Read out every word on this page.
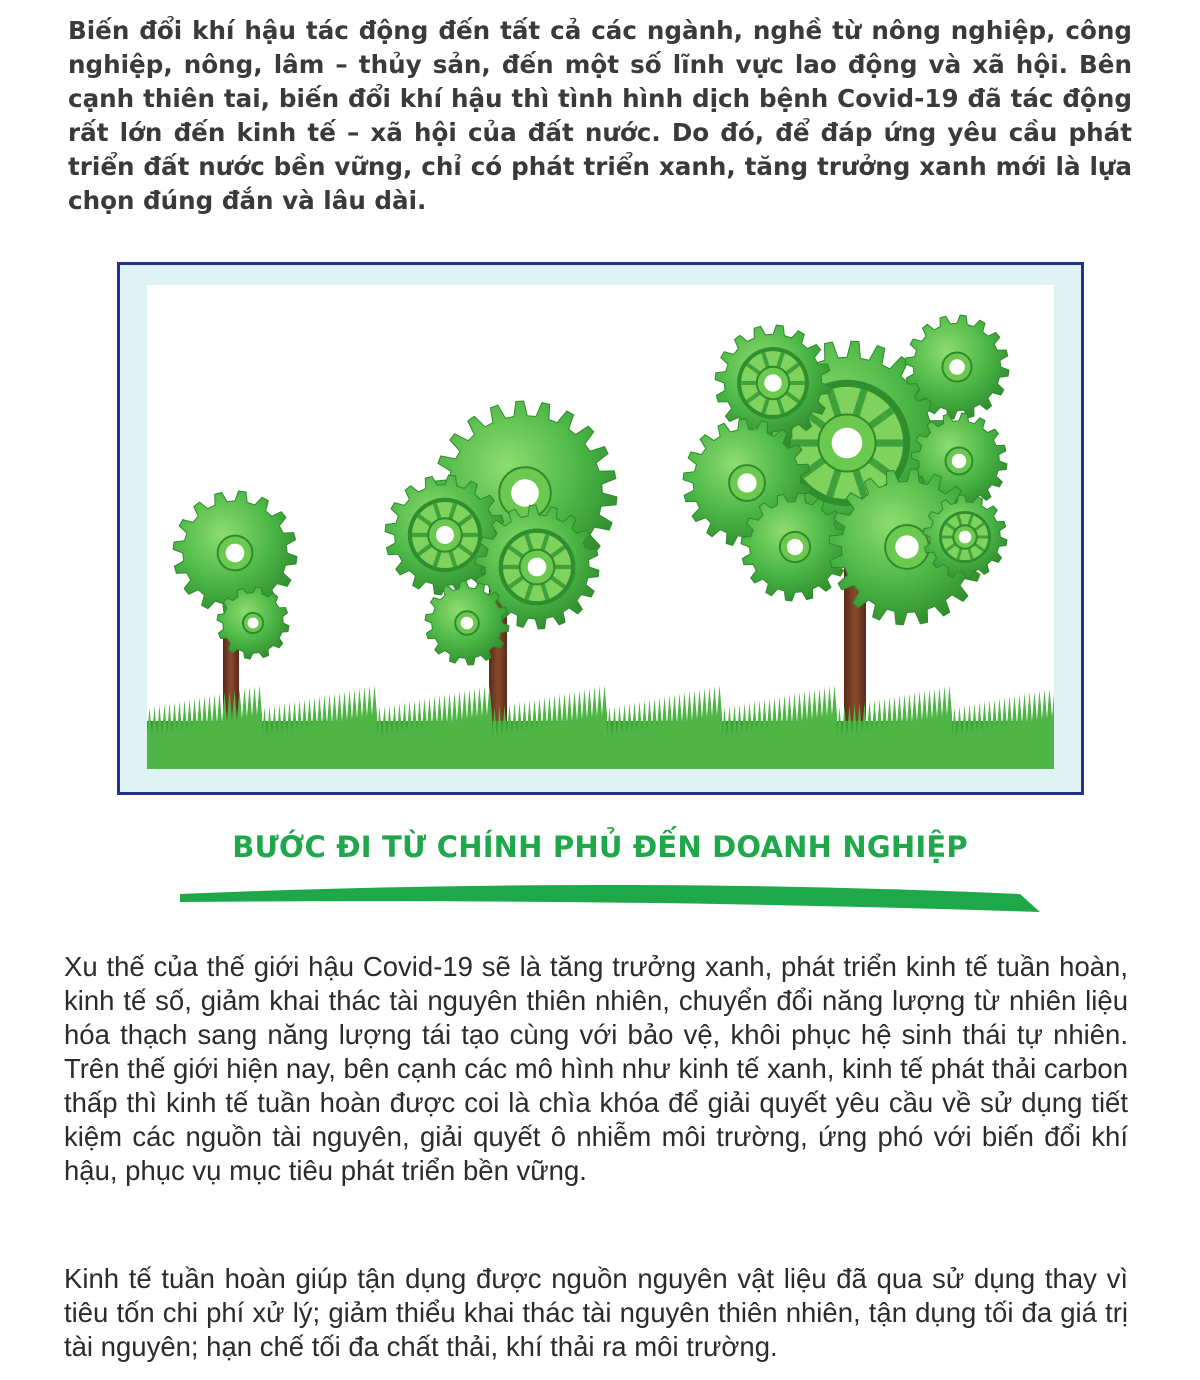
Biến đổi khí hậu tác động đến tất cả các ngành, nghề từ nông nghiệp, công nghiệp, nông, lâm – thủy sản, đến một số lĩnh vực lao động và xã hội. Bên cạnh thiên tai, biến đổi khí hậu thì tình hình dịch bệnh Covid-19 đã tác động rất lớn đến kinh tế – xã hội của đất nước. Do đó, để đáp ứng yêu cầu phát triển đất nước bền vững, chỉ có phát triển xanh, tăng trưởng xanh mới là lựa chọn đúng đắn và lâu dài.

BƯỚC ĐI TỪ CHÍNH PHỦ ĐẾN DOANH NGHIỆP

Xu thế của thế giới hậu Covid-19 sẽ là tăng trưởng xanh, phát triển kinh tế tuần hoàn, kinh tế số, giảm khai thác tài nguyên thiên nhiên, chuyển đổi năng lượng từ nhiên liệu hóa thạch sang năng lượng tái tạo cùng với bảo vệ, khôi phục hệ sinh thái tự nhiên. Trên thế giới hiện nay, bên cạnh các mô hình như kinh tế xanh, kinh tế phát thải carbon thấp thì kinh tế tuần hoàn được coi là chìa khóa để giải quyết yêu cầu về sử dụng tiết kiệm các nguồn tài nguyên, giải quyết ô nhiễm môi trường, ứng phó với biến đổi khí hậu, phục vụ mục tiêu phát triển bền vững.

Kinh tế tuần hoàn giúp tận dụng được nguồn nguyên vật liệu đã qua sử dụng thay vì tiêu tốn chi phí xử lý; giảm thiểu khai thác tài nguyên thiên nhiên, tận dụng tối đa giá trị tài nguyên; hạn chế tối đa chất thải, khí thải ra môi trường.
